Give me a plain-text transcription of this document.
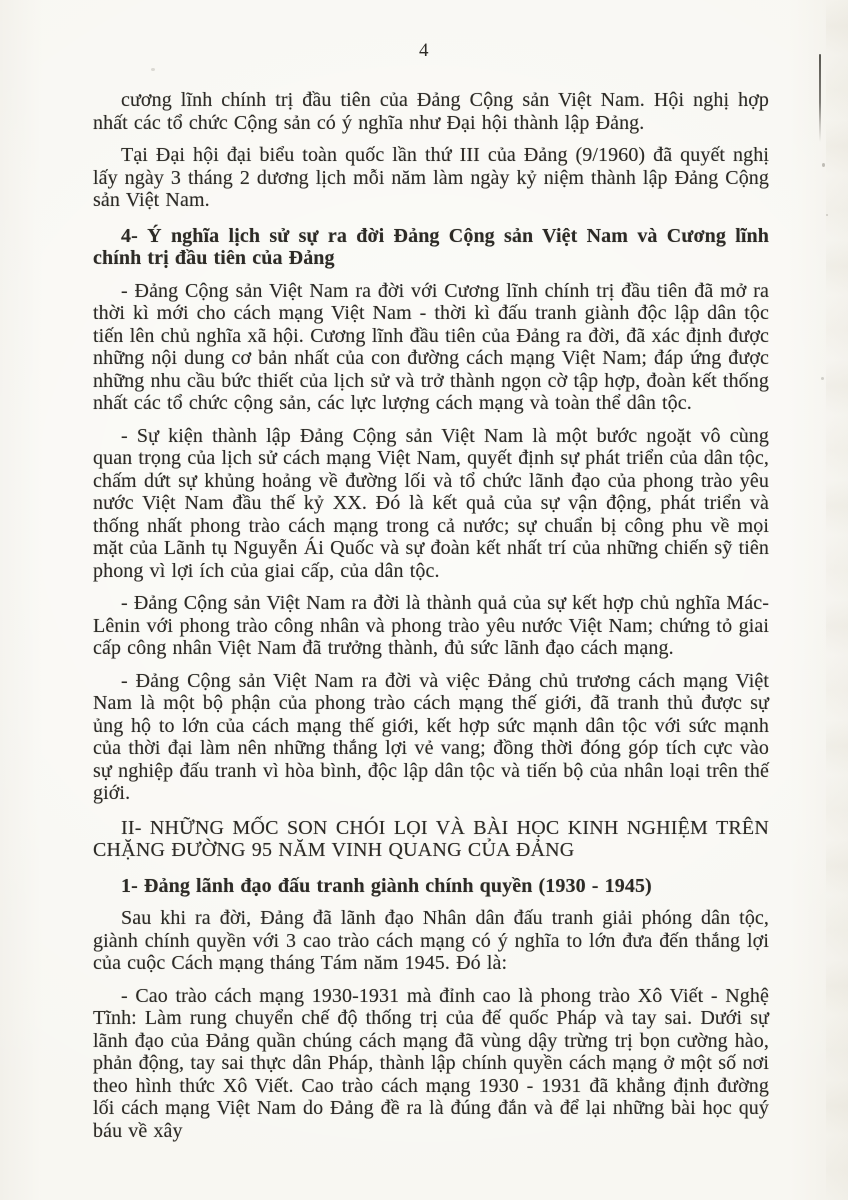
4

cương lĩnh chính trị đầu tiên của Đảng Cộng sản Việt Nam. Hội nghị hợp nhất các tổ chức Cộng sản có ý nghĩa như Đại hội thành lập Đảng.

Tại Đại hội đại biểu toàn quốc lần thứ III của Đảng (9/1960) đã quyết nghị lấy ngày 3 tháng 2 dương lịch mỗi năm làm ngày kỷ niệm thành lập Đảng Cộng sản Việt Nam.

4- Ý nghĩa lịch sử sự ra đời Đảng Cộng sản Việt Nam và Cương lĩnh chính trị đầu tiên của Đảng

- Đảng Cộng sản Việt Nam ra đời với Cương lĩnh chính trị đầu tiên đã mở ra thời kì mới cho cách mạng Việt Nam - thời kì đấu tranh giành độc lập dân tộc tiến lên chủ nghĩa xã hội. Cương lĩnh đầu tiên của Đảng ra đời, đã xác định được những nội dung cơ bản nhất của con đường cách mạng Việt Nam; đáp ứng được những nhu cầu bức thiết của lịch sử và trở thành ngọn cờ tập hợp, đoàn kết thống nhất các tổ chức cộng sản, các lực lượng cách mạng và toàn thể dân tộc.

- Sự kiện thành lập Đảng Cộng sản Việt Nam là một bước ngoặt vô cùng quan trọng của lịch sử cách mạng Việt Nam, quyết định sự phát triển của dân tộc, chấm dứt sự khủng hoảng về đường lối và tổ chức lãnh đạo của phong trào yêu nước Việt Nam đầu thế kỷ XX. Đó là kết quả của sự vận động, phát triển và thống nhất phong trào cách mạng trong cả nước; sự chuẩn bị công phu về mọi mặt của Lãnh tụ Nguyễn Ái Quốc và sự đoàn kết nhất trí của những chiến sỹ tiên phong vì lợi ích của giai cấp, của dân tộc.

- Đảng Cộng sản Việt Nam ra đời là thành quả của sự kết hợp chủ nghĩa Mác-Lênin với phong trào công nhân và phong trào yêu nước Việt Nam; chứng tỏ giai cấp công nhân Việt Nam đã trưởng thành, đủ sức lãnh đạo cách mạng.

- Đảng Cộng sản Việt Nam ra đời và việc Đảng chủ trương cách mạng Việt Nam là một bộ phận của phong trào cách mạng thế giới, đã tranh thủ được sự ủng hộ to lớn của cách mạng thế giới, kết hợp sức mạnh dân tộc với sức mạnh của thời đại làm nên những thắng lợi vẻ vang; đồng thời đóng góp tích cực vào sự nghiệp đấu tranh vì hòa bình, độc lập dân tộc và tiến bộ của nhân loại trên thế giới.

II- NHỮNG MỐC SON CHÓI LỌI VÀ BÀI HỌC KINH NGHIỆM TRÊN CHẶNG ĐƯỜNG 95 NĂM VINH QUANG CỦA ĐẢNG
1- Đảng lãnh đạo đấu tranh giành chính quyền (1930 - 1945)

Sau khi ra đời, Đảng đã lãnh đạo Nhân dân đấu tranh giải phóng dân tộc, giành chính quyền với 3 cao trào cách mạng có ý nghĩa to lớn đưa đến thắng lợi của cuộc Cách mạng tháng Tám năm 1945. Đó là:

- Cao trào cách mạng 1930-1931 mà đỉnh cao là phong trào Xô Viết - Nghệ Tĩnh: Làm rung chuyển chế độ thống trị của đế quốc Pháp và tay sai. Dưới sự lãnh đạo của Đảng quần chúng cách mạng đã vùng dậy trừng trị bọn cường hào, phản động, tay sai thực dân Pháp, thành lập chính quyền cách mạng ở một số nơi theo hình thức Xô Viết. Cao trào cách mạng 1930 - 1931 đã khẳng định đường lối cách mạng Việt Nam do Đảng đề ra là đúng đắn và để lại những bài học quý báu về xây
